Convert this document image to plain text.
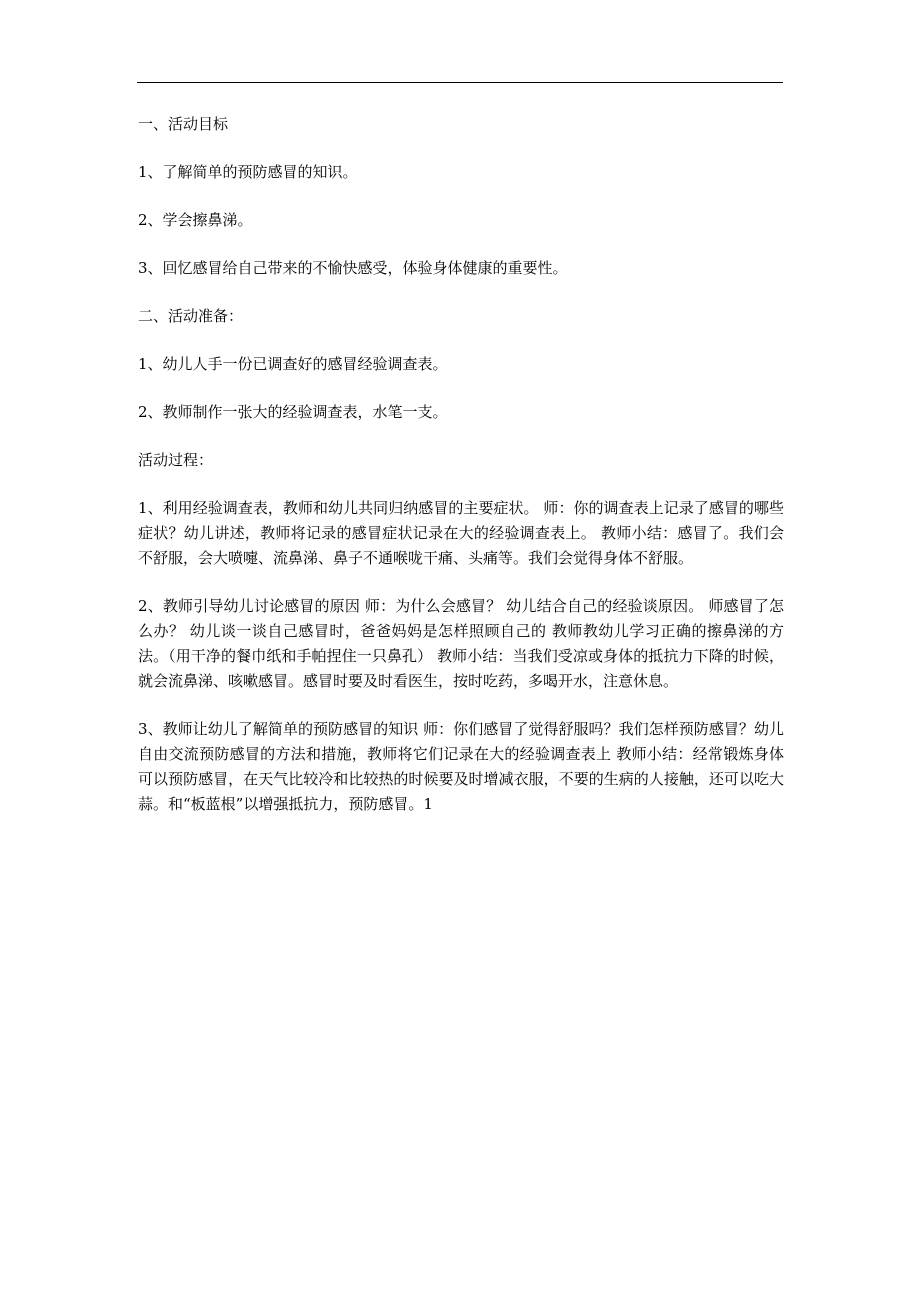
一、活动目标

1、了解简单的预防感冒的知识。

2、学会擦鼻涕。

3、回忆感冒给自己带来的不愉快感受，体验身体健康的重要性。

二、活动准备：

1、幼儿人手一份已调查好的感冒经验调查表。

2、教师制作一张大的经验调查表，水笔一支。

活动过程：

1、利用经验调查表，教师和幼儿共同归纳感冒的主要症状。 师：你的调查表上记录了感冒的哪些症状？幼儿讲述，教师将记录的感冒症状记录在大的经验调查表上。 教师小结：感冒了。我们会不舒服，会大喷嚏、流鼻涕、鼻子不通喉咙干痛、头痛等。我们会觉得身体不舒服。

2、教师引导幼儿讨论感冒的原因 师：为什么会感冒？ 幼儿结合自己的经验谈原因。 师感冒了怎么办？ 幼儿谈一谈自己感冒时，爸爸妈妈是怎样照顾自己的 教师教幼儿学习正确的擦鼻涕的方法。（用干净的餐巾纸和手帕捏住一只鼻孔） 教师小结：当我们受凉或身体的抵抗力下降的时候，就会流鼻涕、咳嗽感冒。感冒时要及时看医生，按时吃药，多喝开水，注意休息。

3、教师让幼儿了解简单的预防感冒的知识 师：你们感冒了觉得舒服吗？我们怎样预防感冒？幼儿自由交流预防感冒的方法和措施，教师将它们记录在大的经验调查表上 教师小结：经常锻炼身体可以预防感冒，在天气比较冷和比较热的时候要及时增减衣服，不要的生病的人接触，还可以吃大蒜。和“板蓝根”以增强抵抗力，预防感冒。1
